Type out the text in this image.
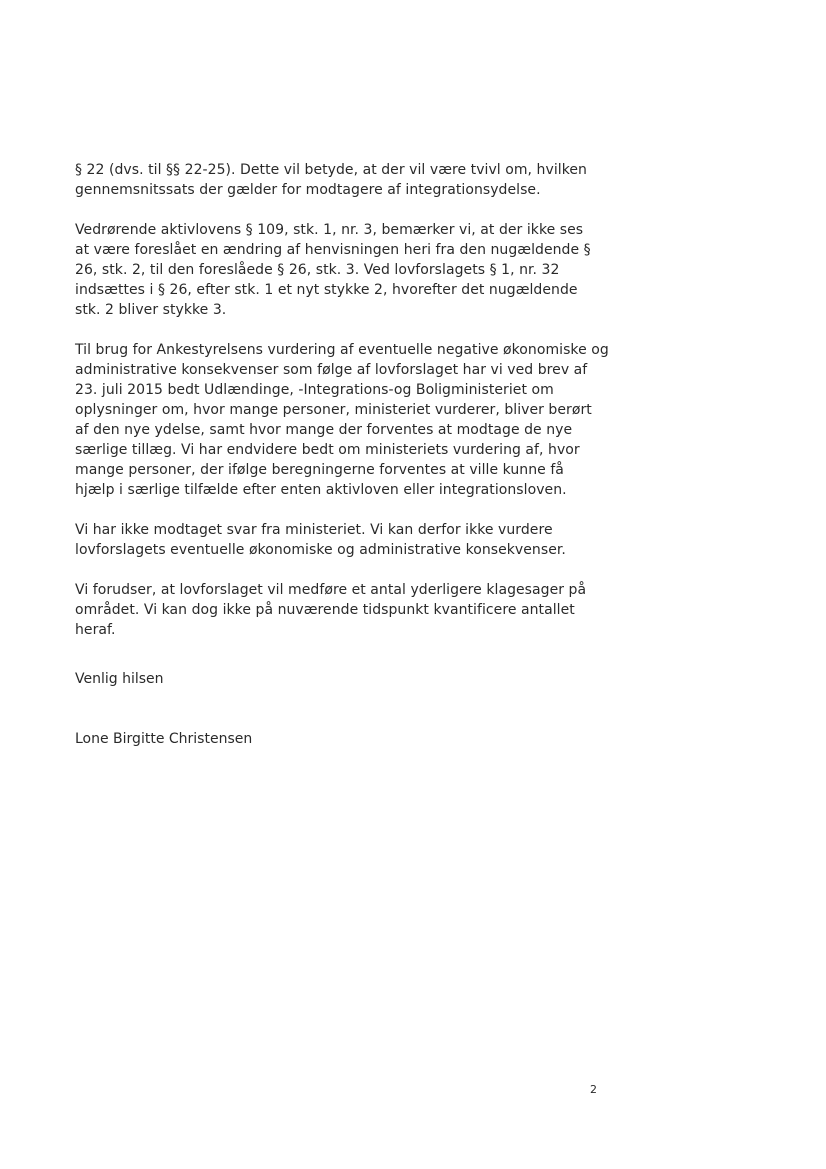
§ 22 (dvs. til §§ 22-25). Dette vil betyde, at der vil være tvivl om, hvilken
gennemsnitssats der gælder for modtagere af integrationsydelse.

Vedrørende aktivlovens § 109, stk. 1, nr. 3, bemærker vi, at der ikke ses
at være foreslået en ændring af henvisningen heri fra den nugældende §
26, stk. 2, til den foreslåede § 26, stk. 3. Ved lovforslagets § 1, nr. 32
indsættes i § 26, efter stk. 1 et nyt stykke 2, hvorefter det nugældende
stk. 2 bliver stykke 3.

Til brug for Ankestyrelsens vurdering af eventuelle negative økonomiske og
administrative konsekvenser som følge af lovforslaget har vi ved brev af
23. juli 2015 bedt Udlændinge, -Integrations-og Boligministeriet om
oplysninger om, hvor mange personer, ministeriet vurderer, bliver berørt
af den nye ydelse, samt hvor mange der forventes at modtage de nye
særlige tillæg. Vi har endvidere bedt om ministeriets vurdering af, hvor
mange personer, der ifølge beregningerne forventes at ville kunne få
hjælp i særlige tilfælde efter enten aktivloven eller integrationsloven.

Vi har ikke modtaget svar fra ministeriet. Vi kan derfor ikke vurdere
lovforslagets eventuelle økonomiske og administrative konsekvenser.

Vi forudser, at lovforslaget vil medføre et antal yderligere klagesager på
området. Vi kan dog ikke på nuværende tidspunkt kvantificere antallet
heraf.

Venlig hilsen

Lone Birgitte Christensen

2
